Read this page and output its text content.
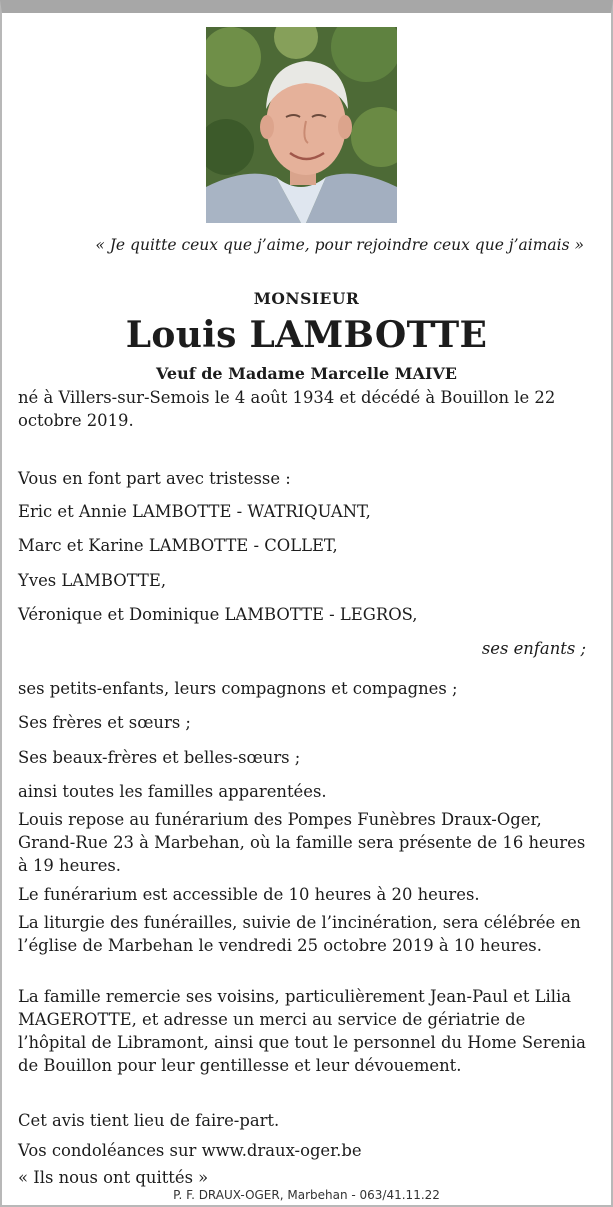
« Je quitte ceux que j’aime, pour rejoindre ceux que j’aimais »
MONSIEUR
Louis LAMBOTTE
Veuf de Madame Marcelle MAIVE

né à Villers-sur-Semois le 4 août 1934 et décédé à Bouillon le 22 octobre 2019.

Vous en font part avec tristesse :

Eric et Annie LAMBOTTE - WATRIQUANT,

Marc et Karine LAMBOTTE - COLLET,

Yves LAMBOTTE,

Véronique et Dominique LAMBOTTE - LEGROS,

ses enfants ;

ses petits-enfants, leurs compagnons et compagnes ;

Ses frères et sœurs ;

Ses beaux-frères et belles-sœurs ;

ainsi toutes les familles apparentées.

Louis repose au funérarium des Pompes Funèbres Draux-Oger, Grand-Rue 23 à Marbehan, où la famille sera présente de 16 heures à 19 heures.

Le funérarium est accessible de 10 heures à 20 heures.

La liturgie des funérailles, suivie de l’incinération, sera célébrée en l’église de Marbehan le vendredi 25 octobre 2019 à 10 heures.

La famille remercie ses voisins, particulièrement Jean-Paul et Lilia MAGEROTTE, et adresse un merci au service de gériatrie de l’hôpital de Libramont, ainsi que tout le personnel du Home Serenia de Bouillon pour leur gentillesse et leur dévouement.

Cet avis tient lieu de faire-part.

Vos condoléances sur www.draux-oger.be

« Ils nous ont quittés »

P. F. DRAUX-OGER, Marbehan - 063/41.11.22
